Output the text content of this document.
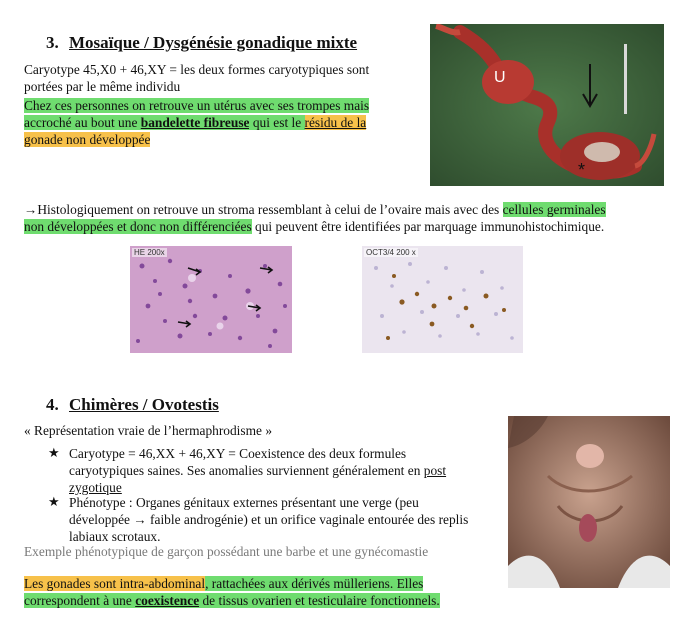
3. Mosaïque / Dysgénésie gonadique mixte
Caryotype 45,X0 + 46,XY = les deux formes caryotypiques sont
portées par le même individu
Chez ces personnes on retrouve un utérus avec ses trompes mais
accroché au bout une bandelette fibreuse qui est le résidu de la
gonade non développée
U
*
→Histologiquement on retrouve un stroma ressemblant à celui de l’ovaire mais avec des cellules germinales
non développées et donc non différenciées qui peuvent être identifiées par marquage immunohistochimique.
HE 200x	OCT3/4 200 x
4. Chimères / Ovotestis
« Représentation vraie de l’hermaphrodisme »
★ Caryotype = 46,XX + 46,XY = Coexistence des deux formules
caryotypiques saines. Ses anomalies surviennent généralement en post
zygotique
★ Phénotype : Organes génitaux externes présentant une verge (peu
développée → faible androgénie) et un orifice vaginale entourée des replis
labiaux scrotaux.
Exemple phénotypique de garçon possédant une barbe et une gynécomastie
Les gonades sont intra-abdominal, rattachées aux dérivés mülleriens. Elles
correspondent à une coexistence de tissus ovarien et testiculaire fonctionnels.
